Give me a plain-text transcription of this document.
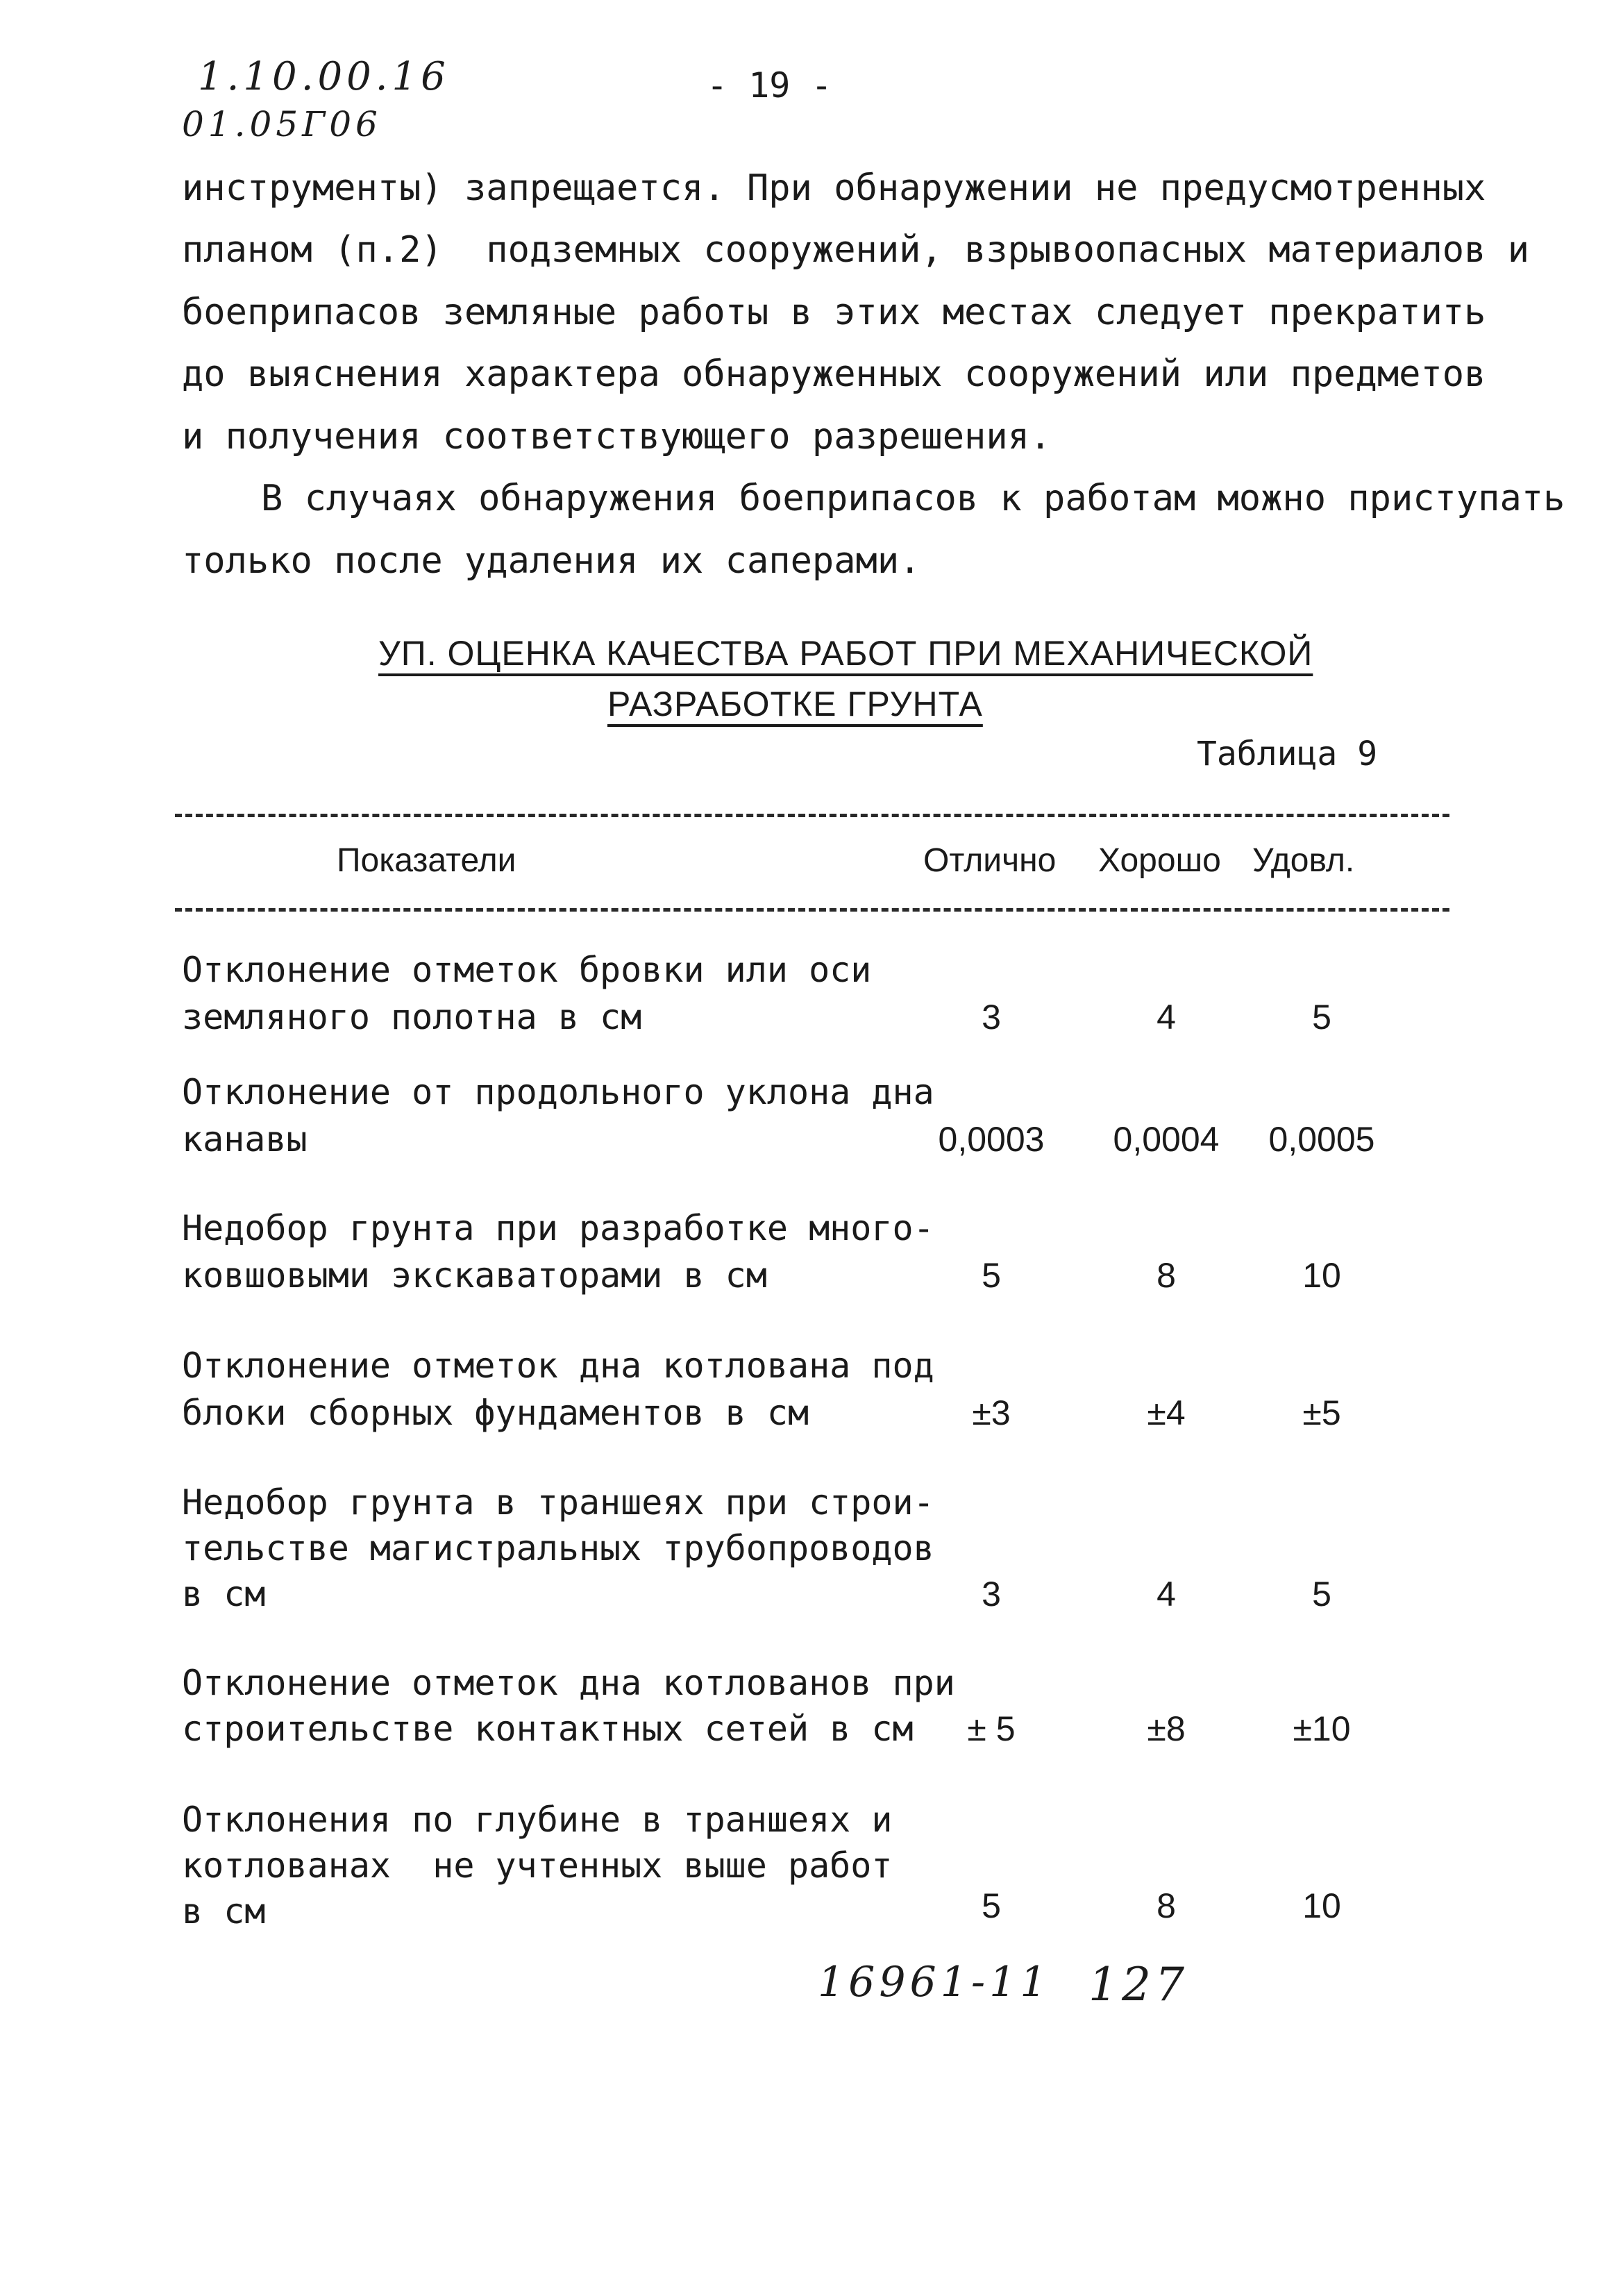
1.10.00.16
01.05Г06
- 19 -
инструменты) запрещается. При обнаружении не предусмотренных
планом (п.2)  подземных сооружений, взрывоопасных материалов и
боеприпасов земляные работы в этих местах следует прекратить
до выяснения характера обнаруженных сооружений или предметов
и получения соответствующего разрешения.
В случаях обнаружения боеприпасов к работам можно приступать
только после удаления их саперами.
УП. ОЦЕНКА КАЧЕСТВА РАБОТ ПРИ МЕХАНИЧЕСКОЙ
РАЗРАБОТКЕ ГРУНТА
Таблица 9
Показатели	Отлично Хорошо Удовл.
Отклонение отметок бровки или оси
земляного полотна в см	3	4	5
Отклонение от продольного уклона дна
канавы	0,0003	0,0004	0,0005
Недобор грунта при разработке много-
ковшовыми экскаваторами в см	5	8	10
Отклонение отметок дна котлована под
блоки сборных фундаментов в см	±3	±4	±5
Недобор грунта в траншеях при строи-
тельстве магистральных трубопроводов
в см	3	4	5
Отклонение отметок дна котлованов при
строительстве контактных сетей в см	± 5	±8	±10
Отклонения по глубине в траншеях и
котлованах  не учтенных выше работ
в см	5	8	10
16961-11 127
